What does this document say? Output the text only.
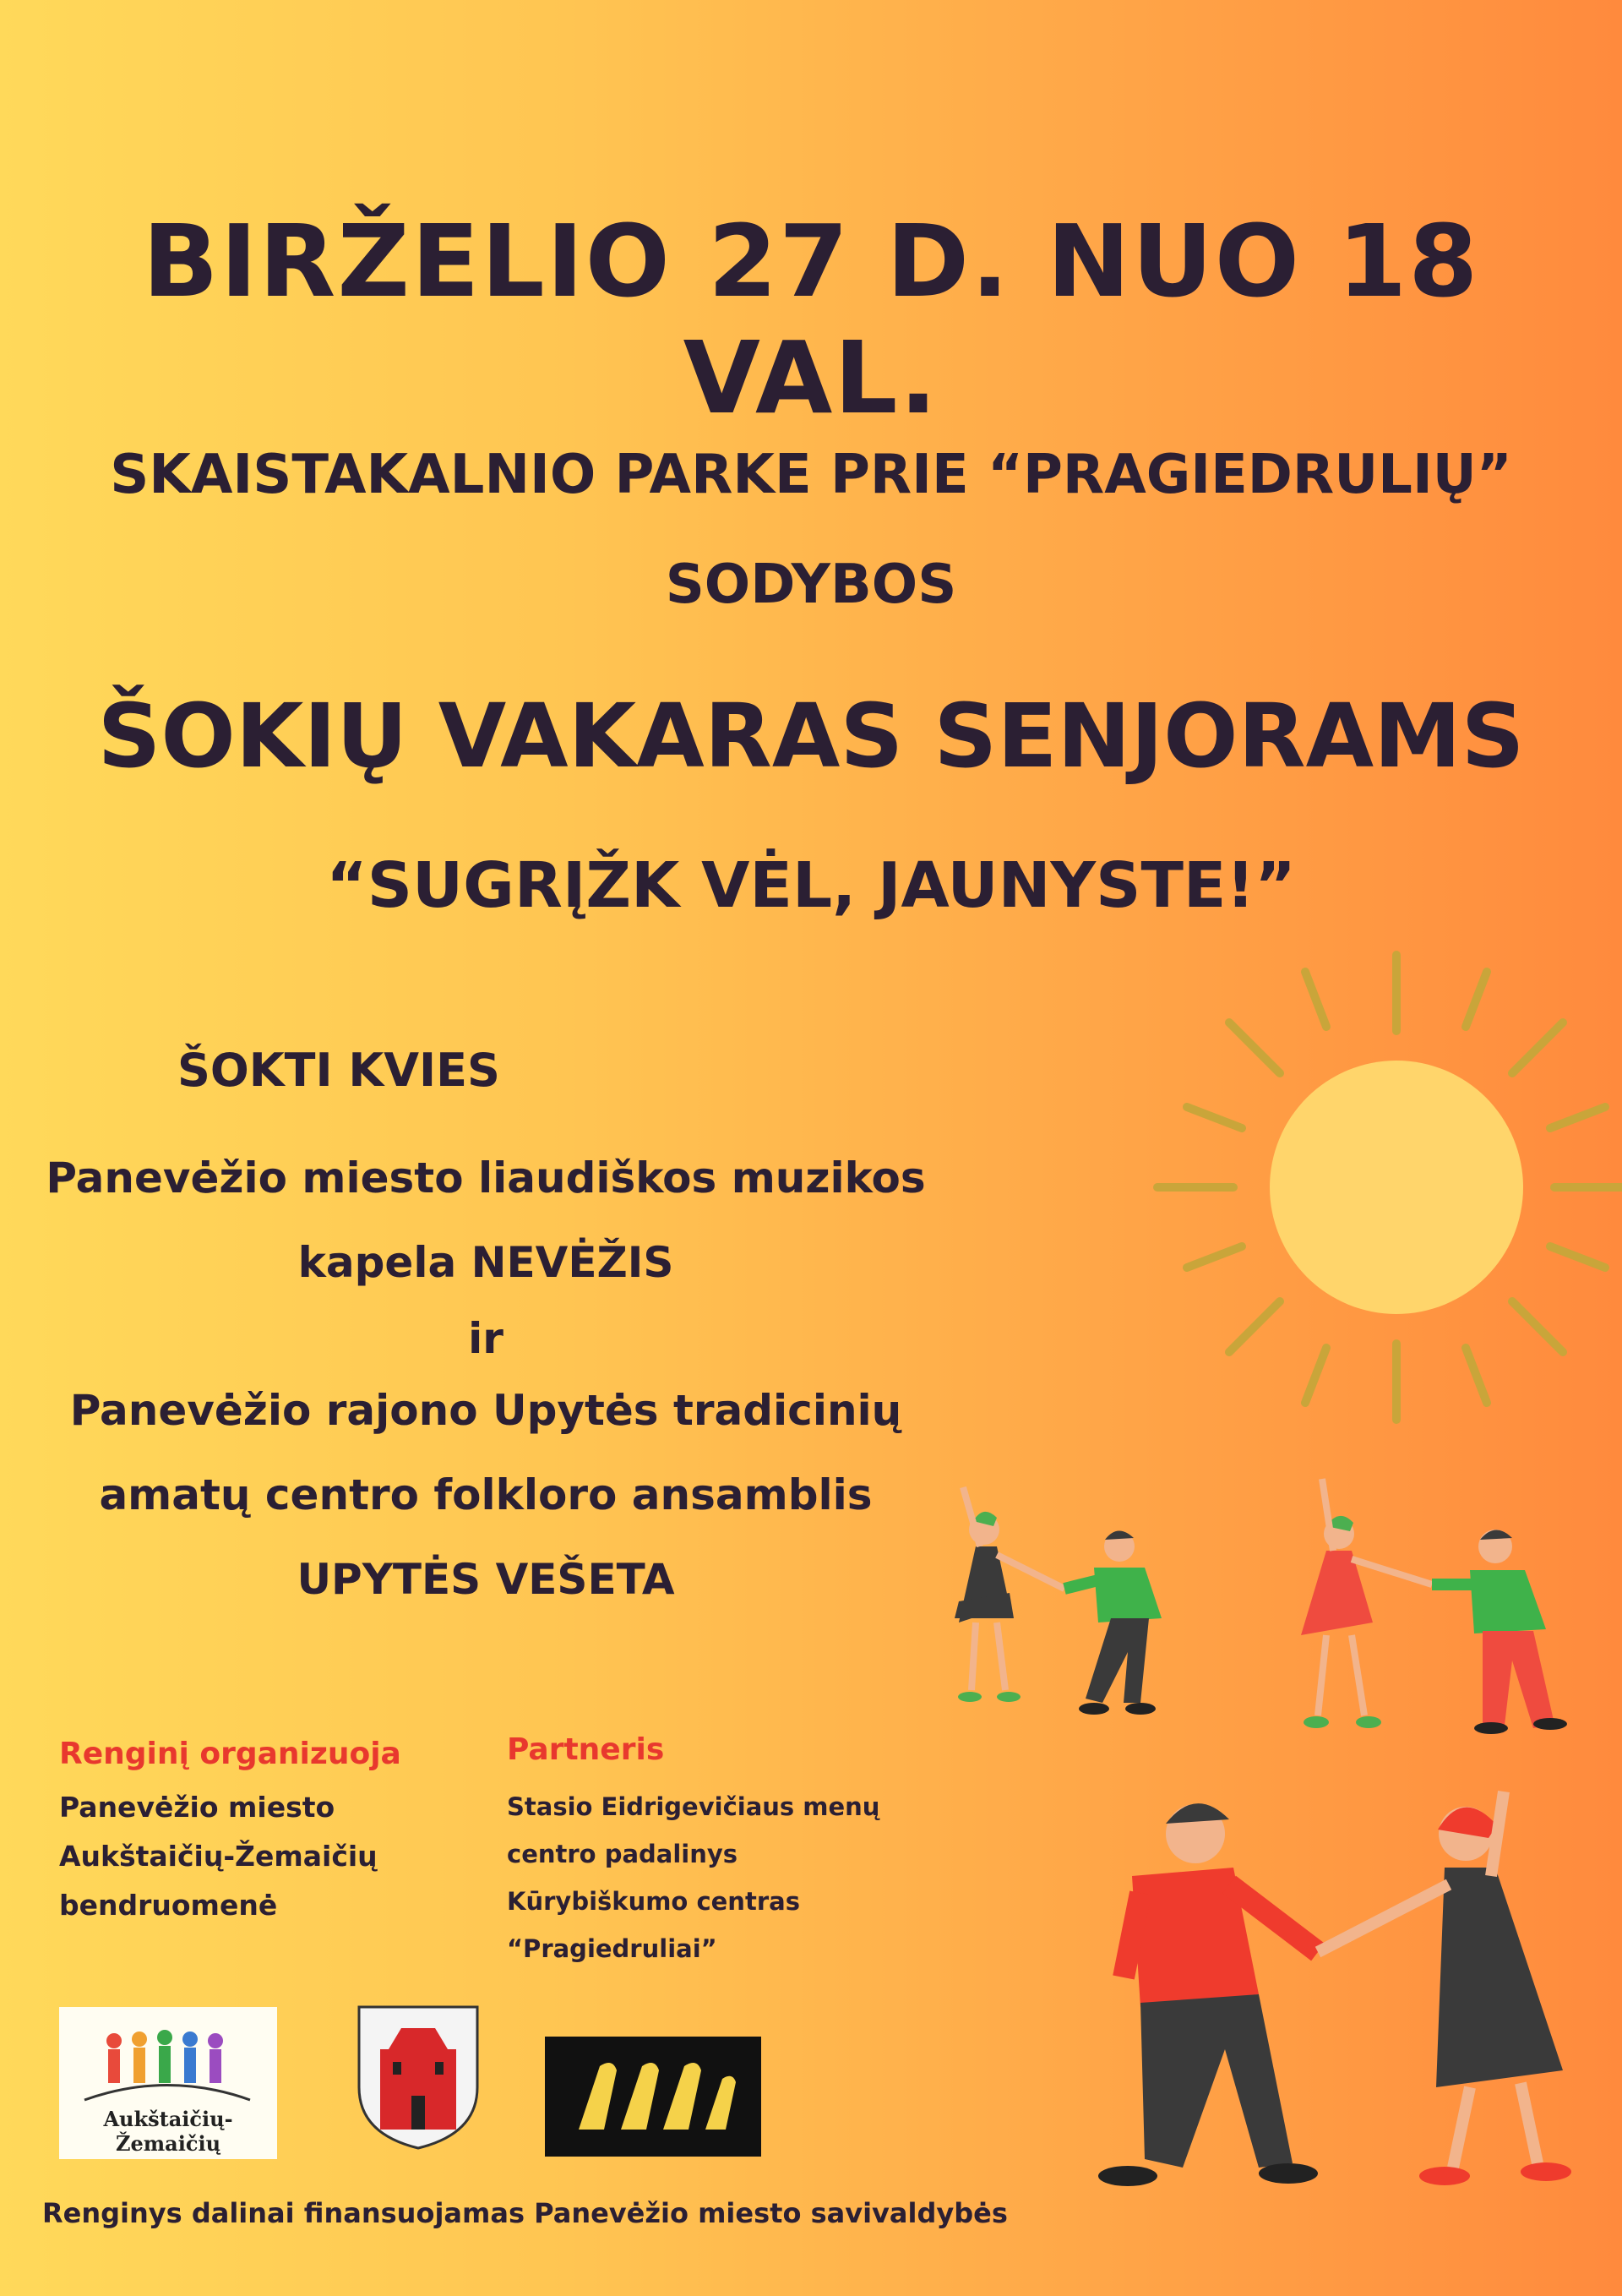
BIRŽELIO 27 D. NUO 18 VAL.
SKAISTAKALNIO PARKE PRIE “PRAGIEDRULIŲ”
SODYBOS
ŠOKIŲ VAKARAS SENJORAMS
“SUGRĮŽK VĖL, JAUNYSTE!”
ŠOKTI KVIES
Panevėžio miesto liaudiškos muzikos
kapela NEVĖŽIS
ir
Panevėžio rajono Upytės tradicinių
amatų centro folkloro ansamblis
UPYTĖS VEŠETA
Renginį organizuoja
Panevėžio miesto
Aukštaičių-Žemaičių
bendruomenė
Partneris
Stasio Eidrigevičiaus menų
centro padalinys
Kūrybiškumo centras
“Pragiedruliai”
Aukštaičių-Žemaičių
Renginys dalinai finansuojamas Panevėžio miesto savivaldybės
